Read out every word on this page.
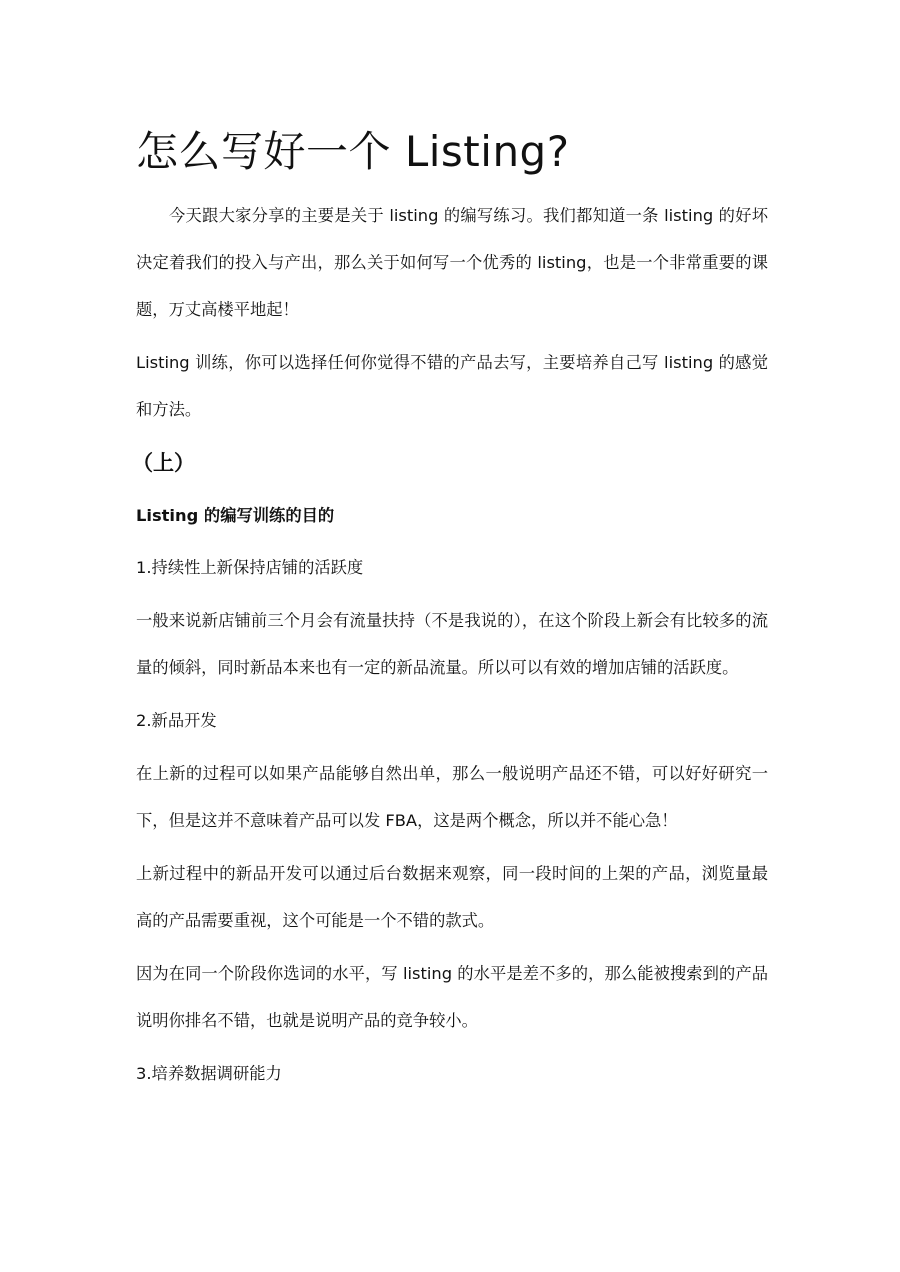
怎么写好一个 Listing?

今天跟大家分享的主要是关于 listing 的编写练习。我们都知道一条 listing 的好坏决定着我们的投入与产出，那么关于如何写一个优秀的 listing，也是一个非常重要的课题，万丈高楼平地起！

Listing 训练，你可以选择任何你觉得不错的产品去写，主要培养自己写 listing 的感觉和方法。

（上）
Listing 的编写训练的目的

1.持续性上新保持店铺的活跃度

一般来说新店铺前三个月会有流量扶持（不是我说的），在这个阶段上新会有比较多的流量的倾斜，同时新品本来也有一定的新品流量。所以可以有效的增加店铺的活跃度。

2.新品开发

在上新的过程可以如果产品能够自然出单，那么一般说明产品还不错，可以好好研究一下，但是这并不意味着产品可以发 FBA，这是两个概念，所以并不能心急！

上新过程中的新品开发可以通过后台数据来观察，同一段时间的上架的产品，浏览量最高的产品需要重视，这个可能是一个不错的款式。

因为在同一个阶段你选词的水平，写 listing 的水平是差不多的，那么能被搜索到的产品说明你排名不错，也就是说明产品的竞争较小。

3.培养数据调研能力
